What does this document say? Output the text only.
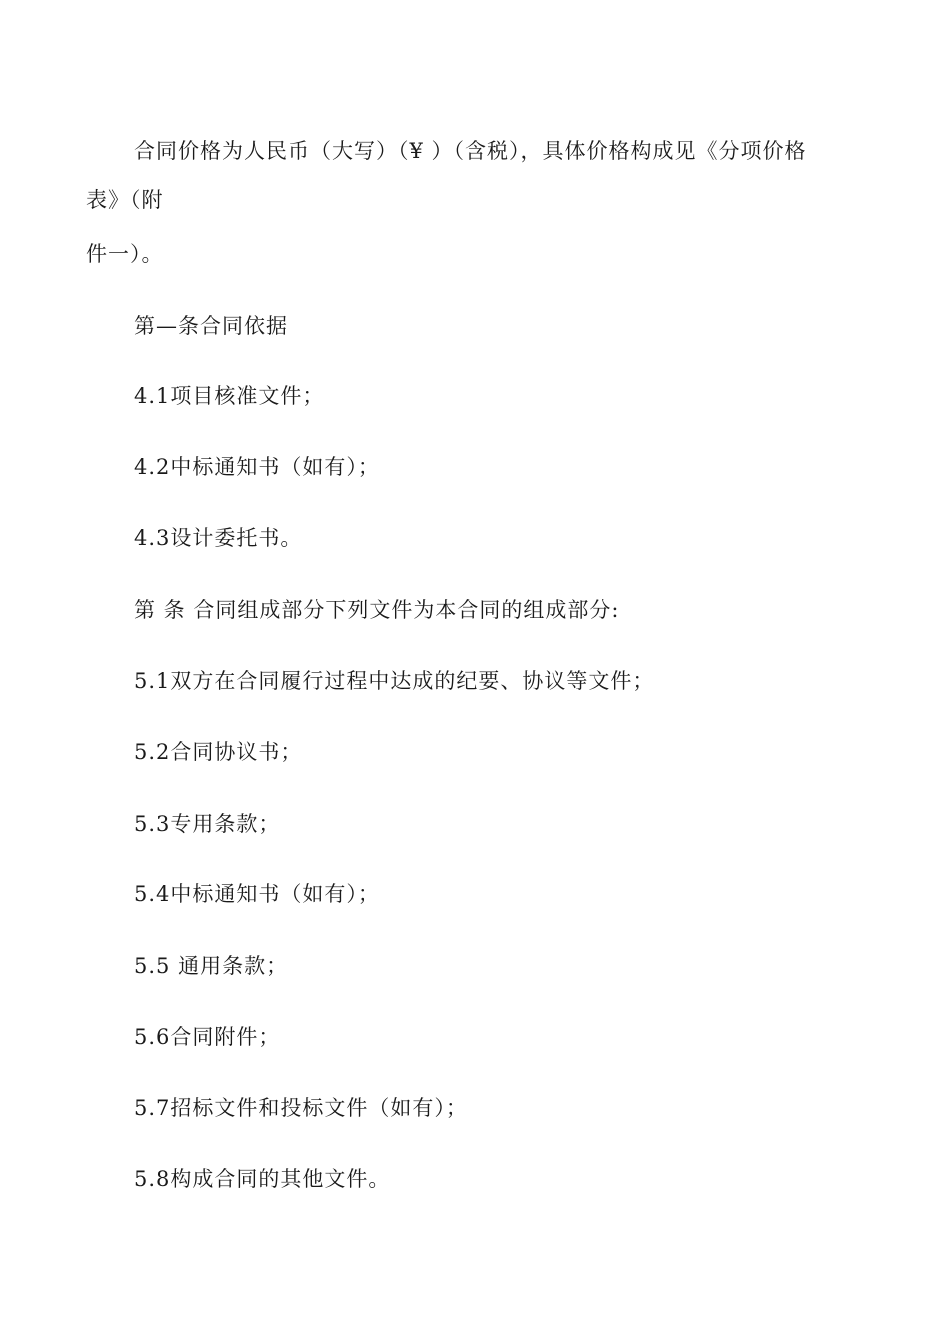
合同价格为人民币（大写）（¥ ）（含税），具体价格构成见《分项价格
表》（附
件一）。
第—条合同依据
4.1项目核准文件；
4.2中标通知书（如有）；
4.3设计委托书。
第 条 合同组成部分下列文件为本合同的组成部分:
5.1双方在合同履行过程中达成的纪要、协议等文件；
5.2合同协议书；
5.3专用条款；
5.4中标通知书（如有）；
5.5 通用条款；
5.6合同附件；
5.7招标文件和投标文件（如有）；
5.8构成合同的其他文件。
